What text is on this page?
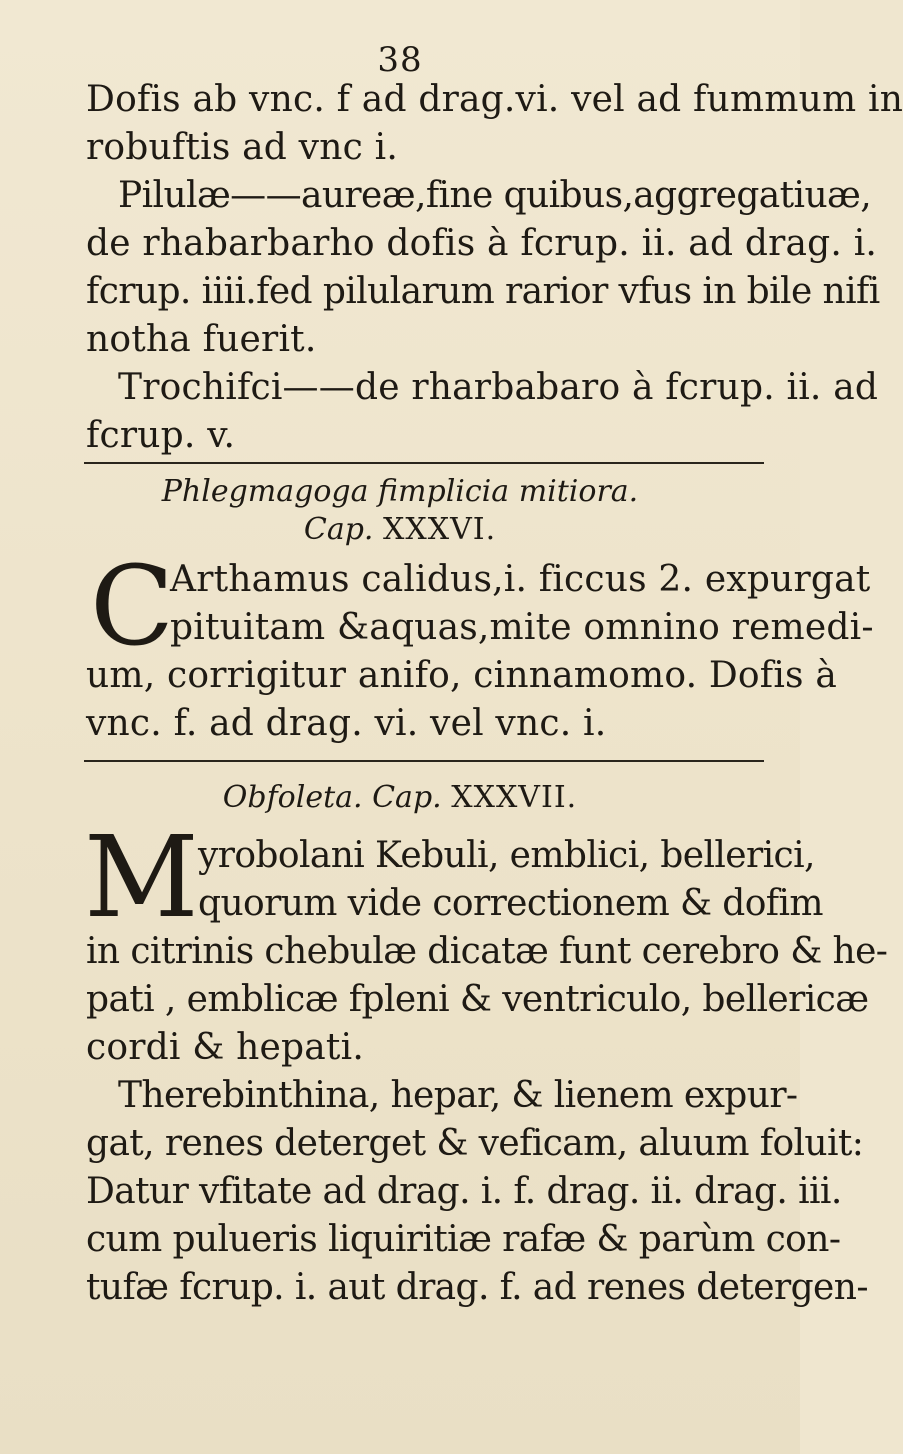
38
Dofis ab vnc. f ad drag.vi. vel ad fummum in
robuftis ad vnc i.
Pilulæ——aureæ,fine quibus,aggregatiuæ,
de rhabarbarho dofis à fcrup. ii. ad drag. i.
fcrup. iiii.fed pilularum rarior vfus in bile nifi
notha fuerit.
Trochifci——de rharbabaro à fcrup. ii. ad
fcrup. v.
Phlegmagoga fimplicia mitiora.
Cap. XXXVI.
C
Arthamus calidus,i. ficcus 2. expurgat
pituitam &aquas,mite omnino remedi-
um, corrigitur anifo, cinnamomo. Dofis à
vnc. f. ad drag. vi. vel vnc. i.
Obfoleta. Cap. XXXVII.
M yrobolani Kebuli, emblici, bellerici,
quorum vide correctionem & dofim
in citrinis chebulæ dicatæ funt cerebro & he-
pati , emblicæ fpleni & ventriculo, bellericæ
cordi & hepati.
Therebinthina, hepar, & lienem expur-
gat, renes deterget & veficam, aluum foluit:
Datur vfitate ad drag. i. f. drag. ii. drag. iii.
cum pulueris liquiritiæ rafæ & parùm con-
tufæ fcrup. i. aut drag. f. ad renes detergen-
